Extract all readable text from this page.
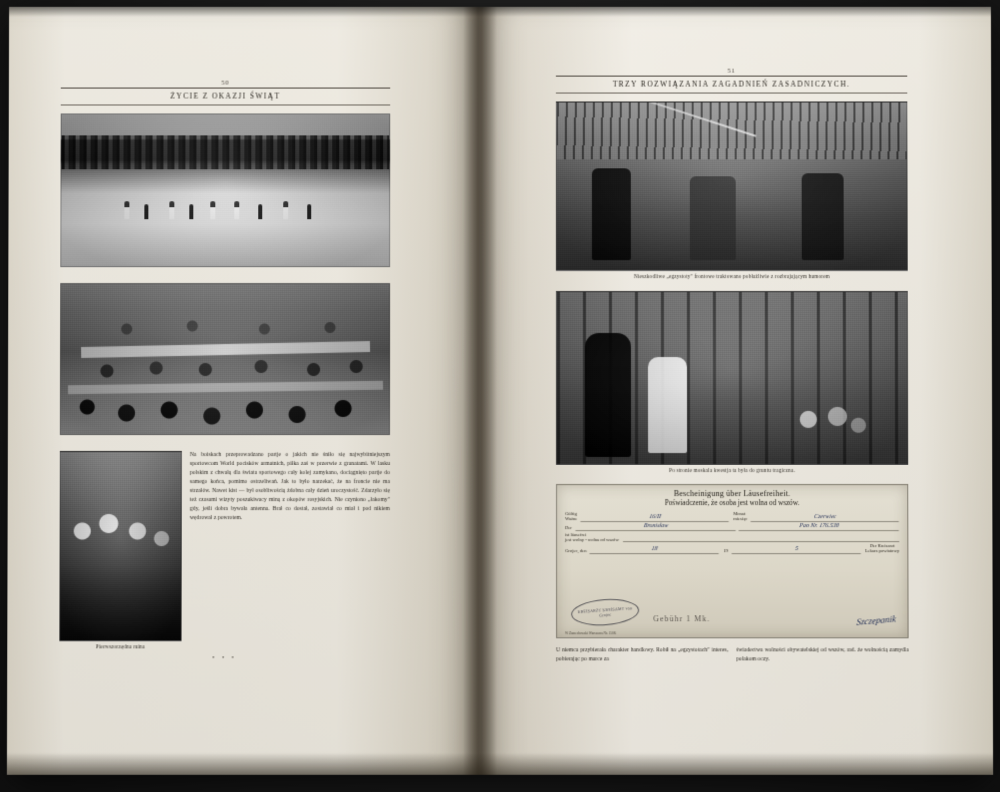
50
ŻYCIE Z OKAZJI ŚWIĄT
Pierwszorzędna ruina
Na boiskach przeprowadzano partje o jakich nie śniło się najwybitniejszym sportowcom World pocisków armatnich, piłka zaś w przerwie z granatami. W lasku polskim z chwałą dla świata sportowego cały kolej zamykano, dociągnięto partje do samego końca, pomimo ostrzeliwań. Jak to było narzekać, że na froncie nie ma strzałów. Nawet kist — był osobliwością żdobna cały dzień uroczystość. Zdarzyło się też czasami wizyty poszukiwacy miną z okopów rosyjskich. Nie czyniono „łakomy" gdy, jeśli dobra bywała antenna. Brał co dostał, zostawiał co miał i pod nikiem wędrował z powrotem.
• • •
51
TRZY ROZWIĄZANIA ZAGADNIEŃ ZASADNICZYCH.
Nieszkodliwe „egzystoty" frontowe traktowano pobłażliwie z rozbrajającym humorem
Po stronie moskala kwestja ta była do gruntu tragiczna.
Bescheinigung über Läusefreiheit.
Poświadczenie, że osoba jest wolna od wszów.
Gültig
Ważne	16/II	Monat
miesiąc	Czerwiec
Der	Bronisław	Pan Nr. 176.538
ist läusefrei
jest wolny - wolna od wszów
Grojec, den	18	19	5	Der Kreisarzt
Lekarz powiatowy
KREISARZT KREISAMT von Grojec	Gebühr 1 Mk.	Szczepanik
W Zamechowski Warszawa Nr. 1508.
U niemca przybierała charakter handlowy. Robił na „egzystotach" interes, pobierając po marce za
świadectwa wolności obywatelskiej od wszów, rad. że wolnością zamydla polakom oczy.
